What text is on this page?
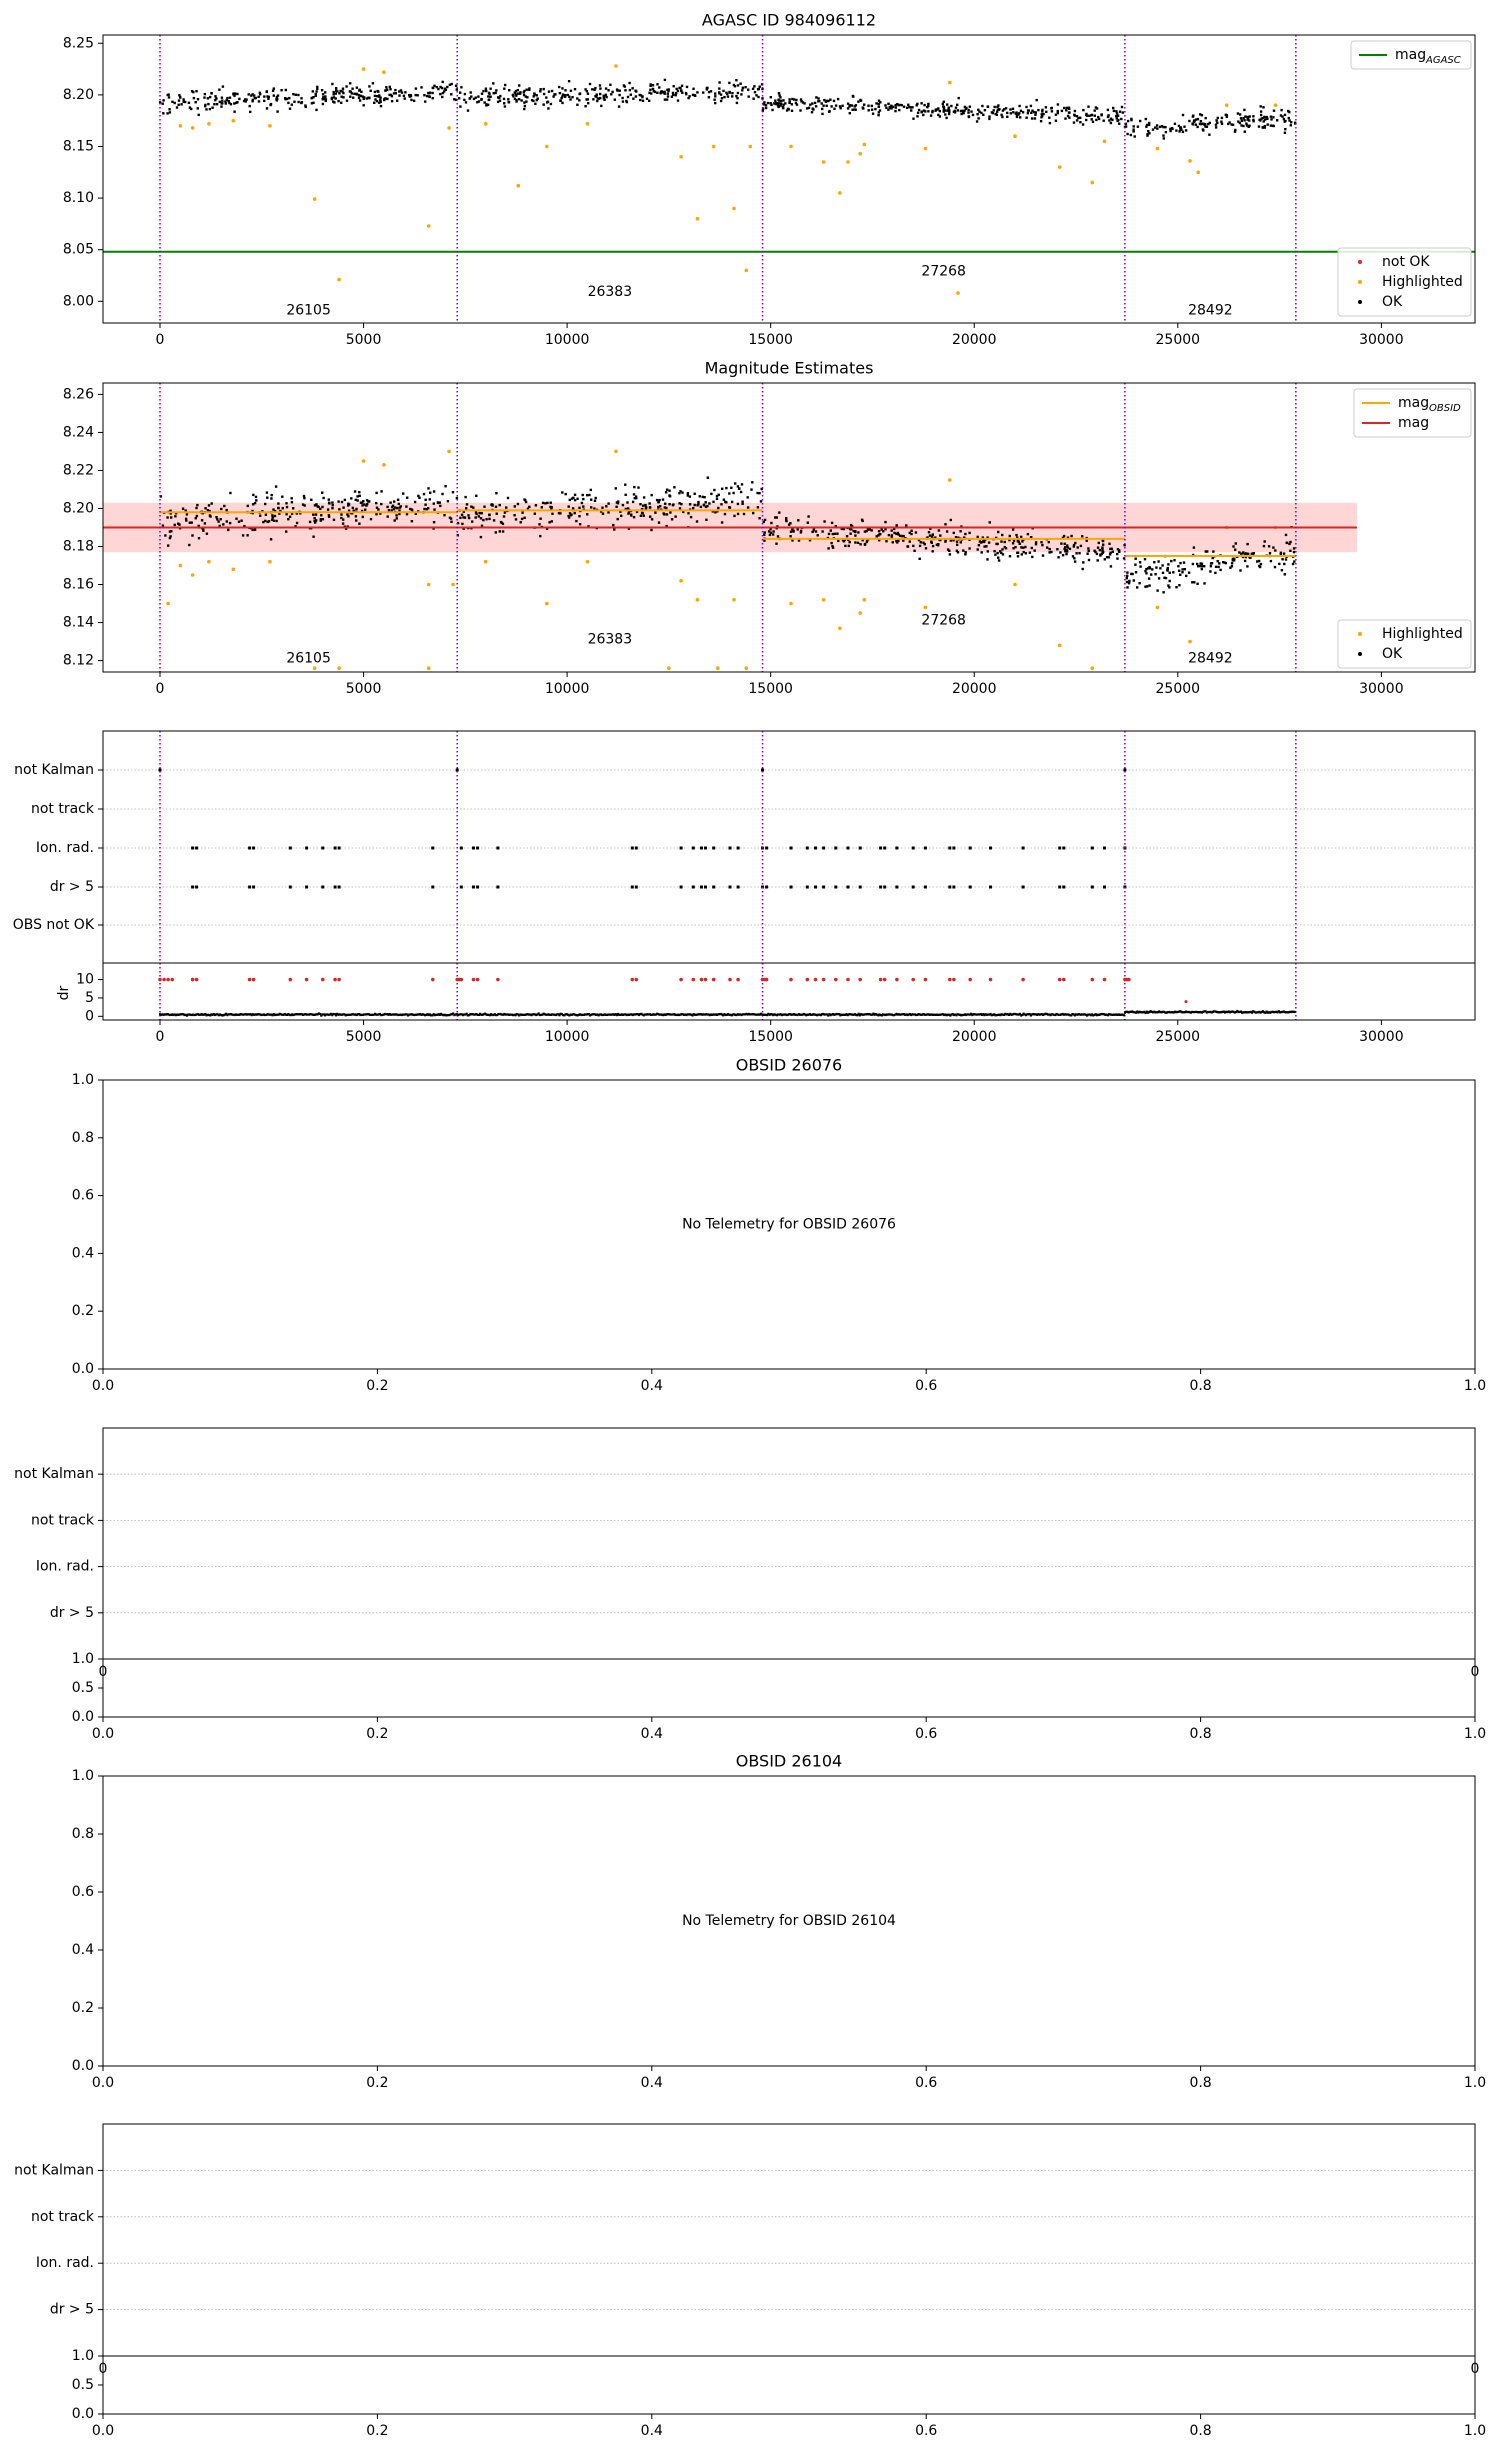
AGASC ID 984096112
26105
26383
27268
28492
0	5000	10000	15000	20000	25000	30000
8.00
8.05
8.10
8.15
8.20
8.25
mag AGASC
not OK
Highlighted
OK
Magnitude Estimates
26105
26383
27268
28492
0	5000	10000	15000	20000	25000	30000
8.12
8.14
8.16
8.18
8.20
8.22
8.24
8.26
mag OBSID
mag
Highlighted
OK
not Kalman
not track
Ion. rad.
dr > 5
OBS not OK
0
5
10
dr
0	5000	10000	15000	20000	25000	30000
OBSID 26076
No Telemetry for OBSID 26076
0.0	0.2	0.4	0.6	0.8	1.0
0.0
0.2
0.4
0.6
0.8
1.0
not Kalman
not track
Ion. rad.
dr > 5
0	0
0.0
0.5
1.0
0.0	0.2	0.4	0.6	0.8	1.0
OBSID 26104
No Telemetry for OBSID 26104
0.0	0.2	0.4	0.6	0.8	1.0
0.0
0.2
0.4
0.6
0.8
1.0
not Kalman
not track
Ion. rad.
dr > 5
0	0
0.0
0.5
1.0
0.0	0.2	0.4	0.6	0.8	1.0
